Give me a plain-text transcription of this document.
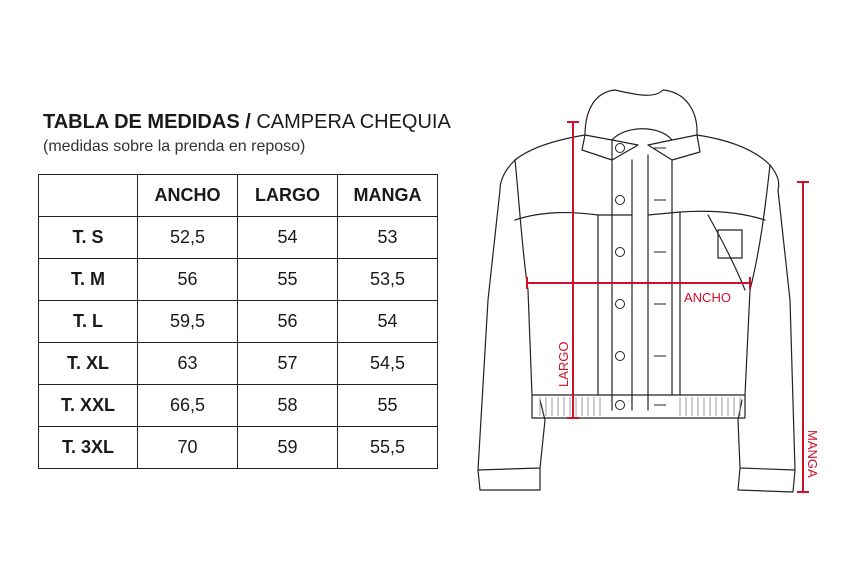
TABLA DE MEDIDAS / CAMPERA CHEQUIA
(medidas sobre la prenda en reposo)
	ANCHO	LARGO	MANGA
T. S	52,5	54	53
T. M	56	55	53,5
T. L	59,5	56	54
T. XL	63	57	54,5
T. XXL	66,5	58	55
T. 3XL	70	59	55,5
ANCHO
LARGO
MANGA
